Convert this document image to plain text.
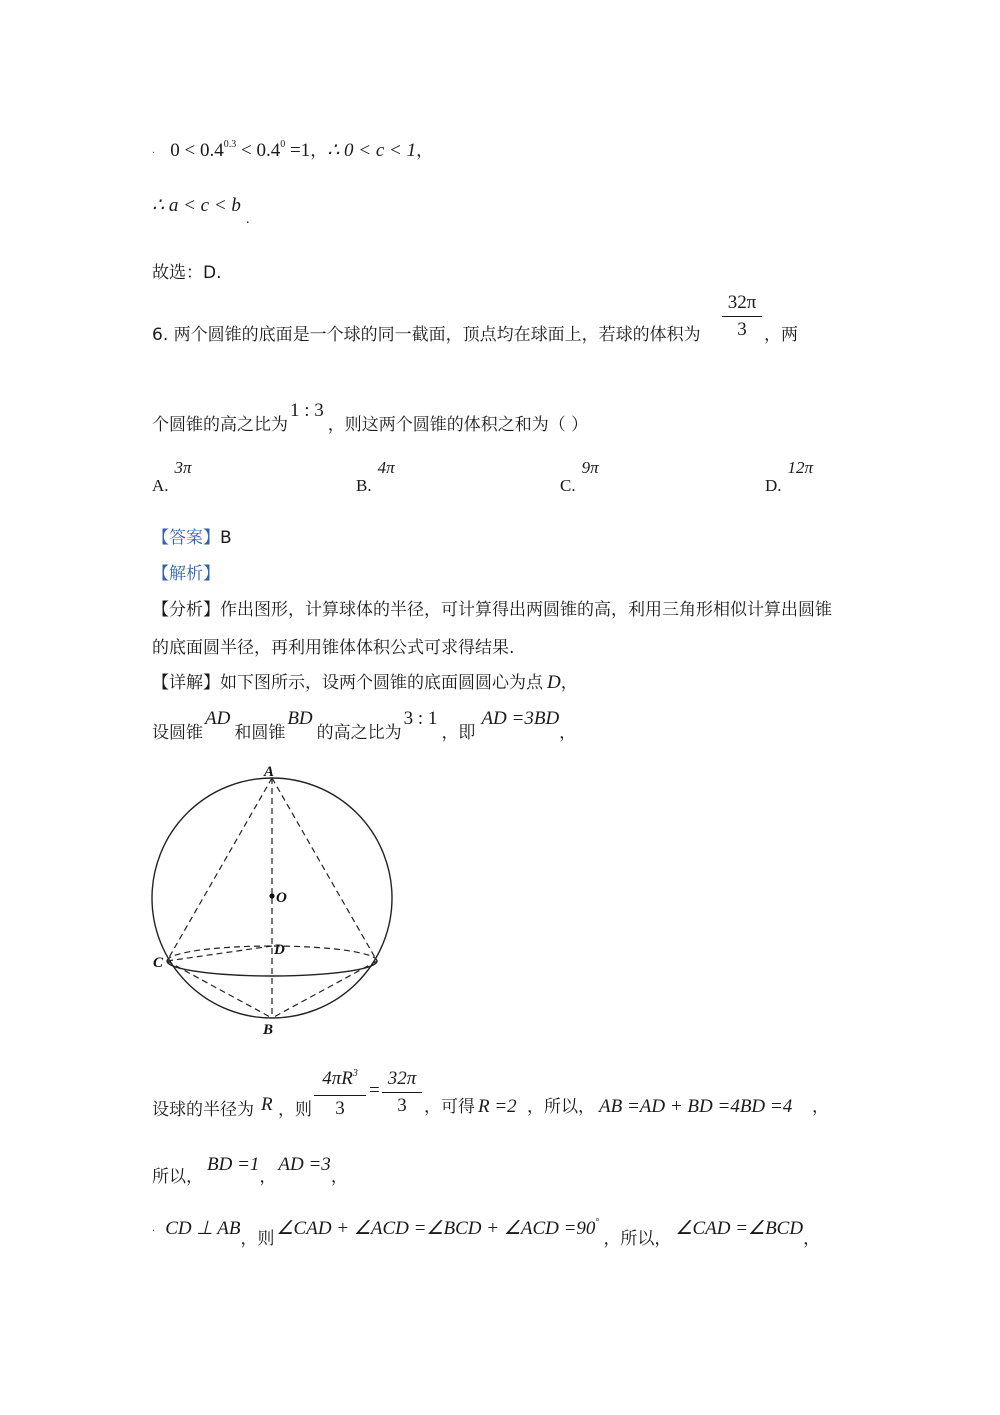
· $0 < 0.4^{0.3} < 0.4^0 =1$，∴ 0 < c < 1，
∴ a < c < b .
故选：D.
6. 两个圆锥的底面是一个球的同一截面，顶点均在球面上，若球的体积为
32π
3	，两
个圆锥的高之比为1 : 3，则这两个圆锥的体积之和为（ ）
A.3π
B.4π
C.9π
D.12π
【答案】B
【解析】
【分析】作出图形，计算球体的半径，可计算得出两圆锥的高，利用三角形相似计算出圆锥
的底面圆半径，再利用锥体体积公式可求得结果.
【详解】如下图所示，设两个圆锥的底面圆圆心为点 D，
设圆锥AD和圆锥BD的高之比为3 : 1，即AD =3BD，
A
O
D
C
B
设球的半径为 R ，则
$4\pi R^3$
3
=
32π
3	，可得 R =2 ，所以， AB =AD + BD =4BD =4 ，
所以，BD =1，AD =3，
· CD ⊥ AB，则 ∠CAD + ∠ACD =∠BCD + ∠ACD =90°，所以， ∠CAD =∠BCD，
